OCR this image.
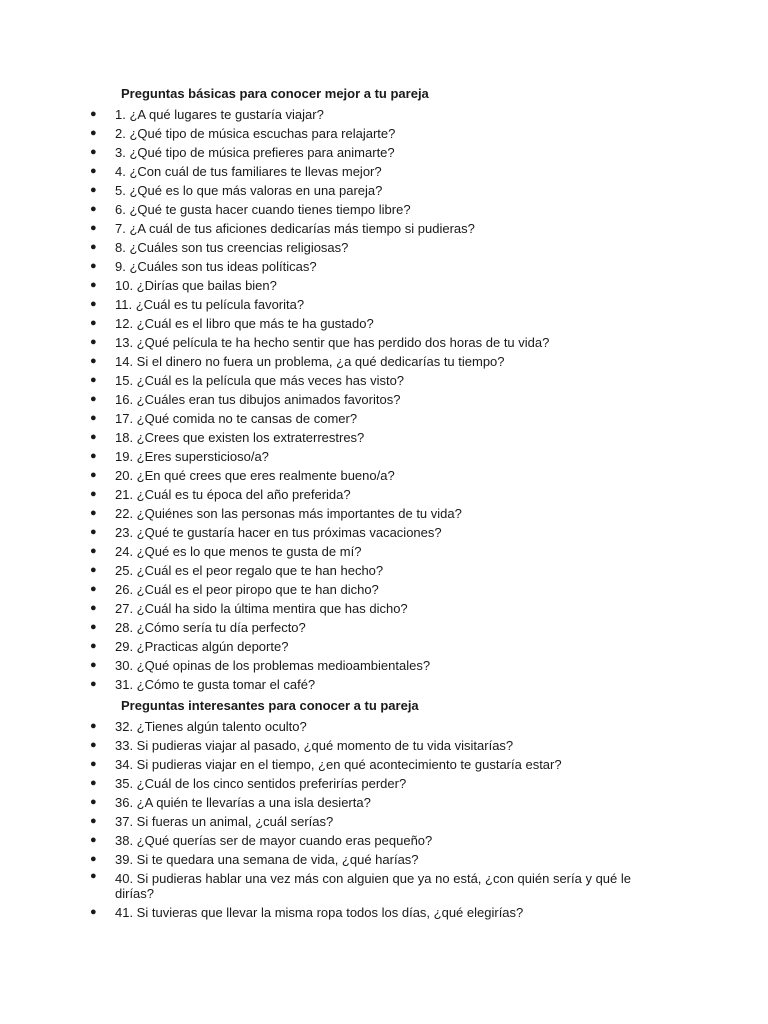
Preguntas básicas para conocer mejor a tu pareja
●	1. ¿A qué lugares te gustaría viajar?
●	2. ¿Qué tipo de música escuchas para relajarte?
●	3. ¿Qué tipo de música prefieres para animarte?
●	4. ¿Con cuál de tus familiares te llevas mejor?
●	5. ¿Qué es lo que más valoras en una pareja?
●	6. ¿Qué te gusta hacer cuando tienes tiempo libre?
●	7. ¿A cuál de tus aficiones dedicarías más tiempo si pudieras?
●	8. ¿Cuáles son tus creencias religiosas?
●	9. ¿Cuáles son tus ideas políticas?
●	10. ¿Dirías que bailas bien?
●	11. ¿Cuál es tu película favorita?
●	12. ¿Cuál es el libro que más te ha gustado?
●	13. ¿Qué película te ha hecho sentir que has perdido dos horas de tu vida?
●	14. Si el dinero no fuera un problema, ¿a qué dedicarías tu tiempo?
●	15. ¿Cuál es la película que más veces has visto?
●	16. ¿Cuáles eran tus dibujos animados favoritos?
●	17. ¿Qué comida no te cansas de comer?
●	18. ¿Crees que existen los extraterrestres?
●	19. ¿Eres supersticioso/a?
●	20. ¿En qué crees que eres realmente bueno/a?
●	21. ¿Cuál es tu época del año preferida?
●	22. ¿Quiénes son las personas más importantes de tu vida?
●	23. ¿Qué te gustaría hacer en tus próximas vacaciones?
●	24. ¿Qué es lo que menos te gusta de mí?
●	25. ¿Cuál es el peor regalo que te han hecho?
●	26. ¿Cuál es el peor piropo que te han dicho?
●	27. ¿Cuál ha sido la última mentira que has dicho?
●	28. ¿Cómo sería tu día perfecto?
●	29. ¿Practicas algún deporte?
●	30. ¿Qué opinas de los problemas medioambientales?
●	31. ¿Cómo te gusta tomar el café?
Preguntas interesantes para conocer a tu pareja
●	32. ¿Tienes algún talento oculto?
●	33. Si pudieras viajar al pasado, ¿qué momento de tu vida visitarías?
●	34. Si pudieras viajar en el tiempo, ¿en qué acontecimiento te gustaría estar?
●	35. ¿Cuál de los cinco sentidos preferirías perder?
●	36. ¿A quién te llevarías a una isla desierta?
●	37. Si fueras un animal, ¿cuál serías?
●	38. ¿Qué querías ser de mayor cuando eras pequeño?
●	39. Si te quedara una semana de vida, ¿qué harías?
●	40. Si pudieras hablar una vez más con alguien que ya no está, ¿con quién sería y qué le dirías?
●	41. Si tuvieras que llevar la misma ropa todos los días, ¿qué elegirías?
